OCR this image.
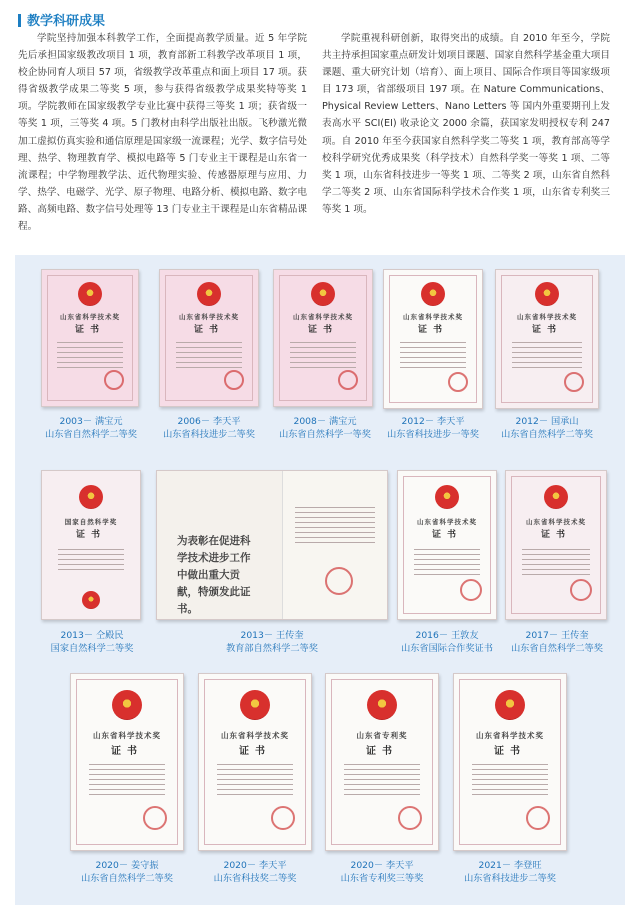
教学科研成果
学院坚持加强本科教学工作，全面提高教学质量。近 5 年学院先后承担国家级教改项目 1 项，教育部新工科教学改革项目 1 项，校企协同育人项目 57 项，省级教学改革重点和面上项目 17 项。获得省级教学成果二等奖 5 项，参与获得省级教学成果奖特等奖 1 项。学院教师在国家级教学专业比赛中获得三等奖 1 项；获省级一等奖 1 项，三等奖 4 项。5 门教材由科学出版社出版。飞秒激光微加工虚拟仿真实验和通信原理是国家级一流课程；光学、数字信号处理、热学、物理教育学、模拟电路等 5 门专业主干课程是山东省一流课程；中学物理教学法、近代物理实验、传感器原理与应用、力学、热学、电磁学、光学、原子物理、电路分析、模拟电路、数字电路、高频电路、数字信号处理等 13 门专业主干课程是山东省精品课程。
学院重视科研创新，取得突出的成绩。自 2010 年至今，学院共主持承担国家重点研发计划项目课题、国家自然科学基金重大项目课题、重大研究计划（培育）、面上项目、国际合作项目等国家级项目 173 项，省部级项目 197 项。在 Nature Communications、Physical Review Letters、Nano Letters 等 国内外重要期刊上发表高水平 SCI(EI) 收录论文 2000 余篇，获国家发明授权专利 247 项。自 2010 年至今获国家自然科学奖二等奖 1 项，教育部高等学校科学研究优秀成果奖（科学技术）自然科学奖一等奖 1 项、二等奖 1 项，山东省科技进步一等奖 1 项、二等奖 2 项，山东省自然科学二等奖 2 项、山东省国际科学技术合作奖 1 项，山东省专利奖三等奖 1 项。
山东省科学技术奖
证书
2003－ 满宝元
山东省自然科学二等奖
山东省科学技术奖
证书
2006－ 李天平
山东省科技进步二等奖
山东省科学技术奖
证书
2008－ 满宝元
山东省自然科学一等奖
山东省科学技术奖
证书
2012－ 李天平
山东省科技进步一等奖
山东省科学技术奖
证书
2012－ 国承山
山东省自然科学二等奖
国家自然科学奖
证书
2013－ 仝殿民
国家自然科学二等奖
为表彰在促进科学技术进步工作中做出重大贡献，特颁发此证书。
2013－ 王传奎
教育部自然科学二等奖
山东省科学技术奖
证书
2016－ 王敦友
山东省国际合作奖证书
山东省科学技术奖
证书
2017－ 王传奎
山东省自然科学二等奖
山东省科学技术奖
证书
2020－ 姜守振
山东省自然科学二等奖
山东省科学技术奖
证书
2020－ 李天平
山东省科技奖二等奖
山东省专利奖
证书
2020－ 李天平
山东省专利奖三等奖
山东省科学技术奖
证书
2021－ 李登旺
山东省科技进步二等奖
